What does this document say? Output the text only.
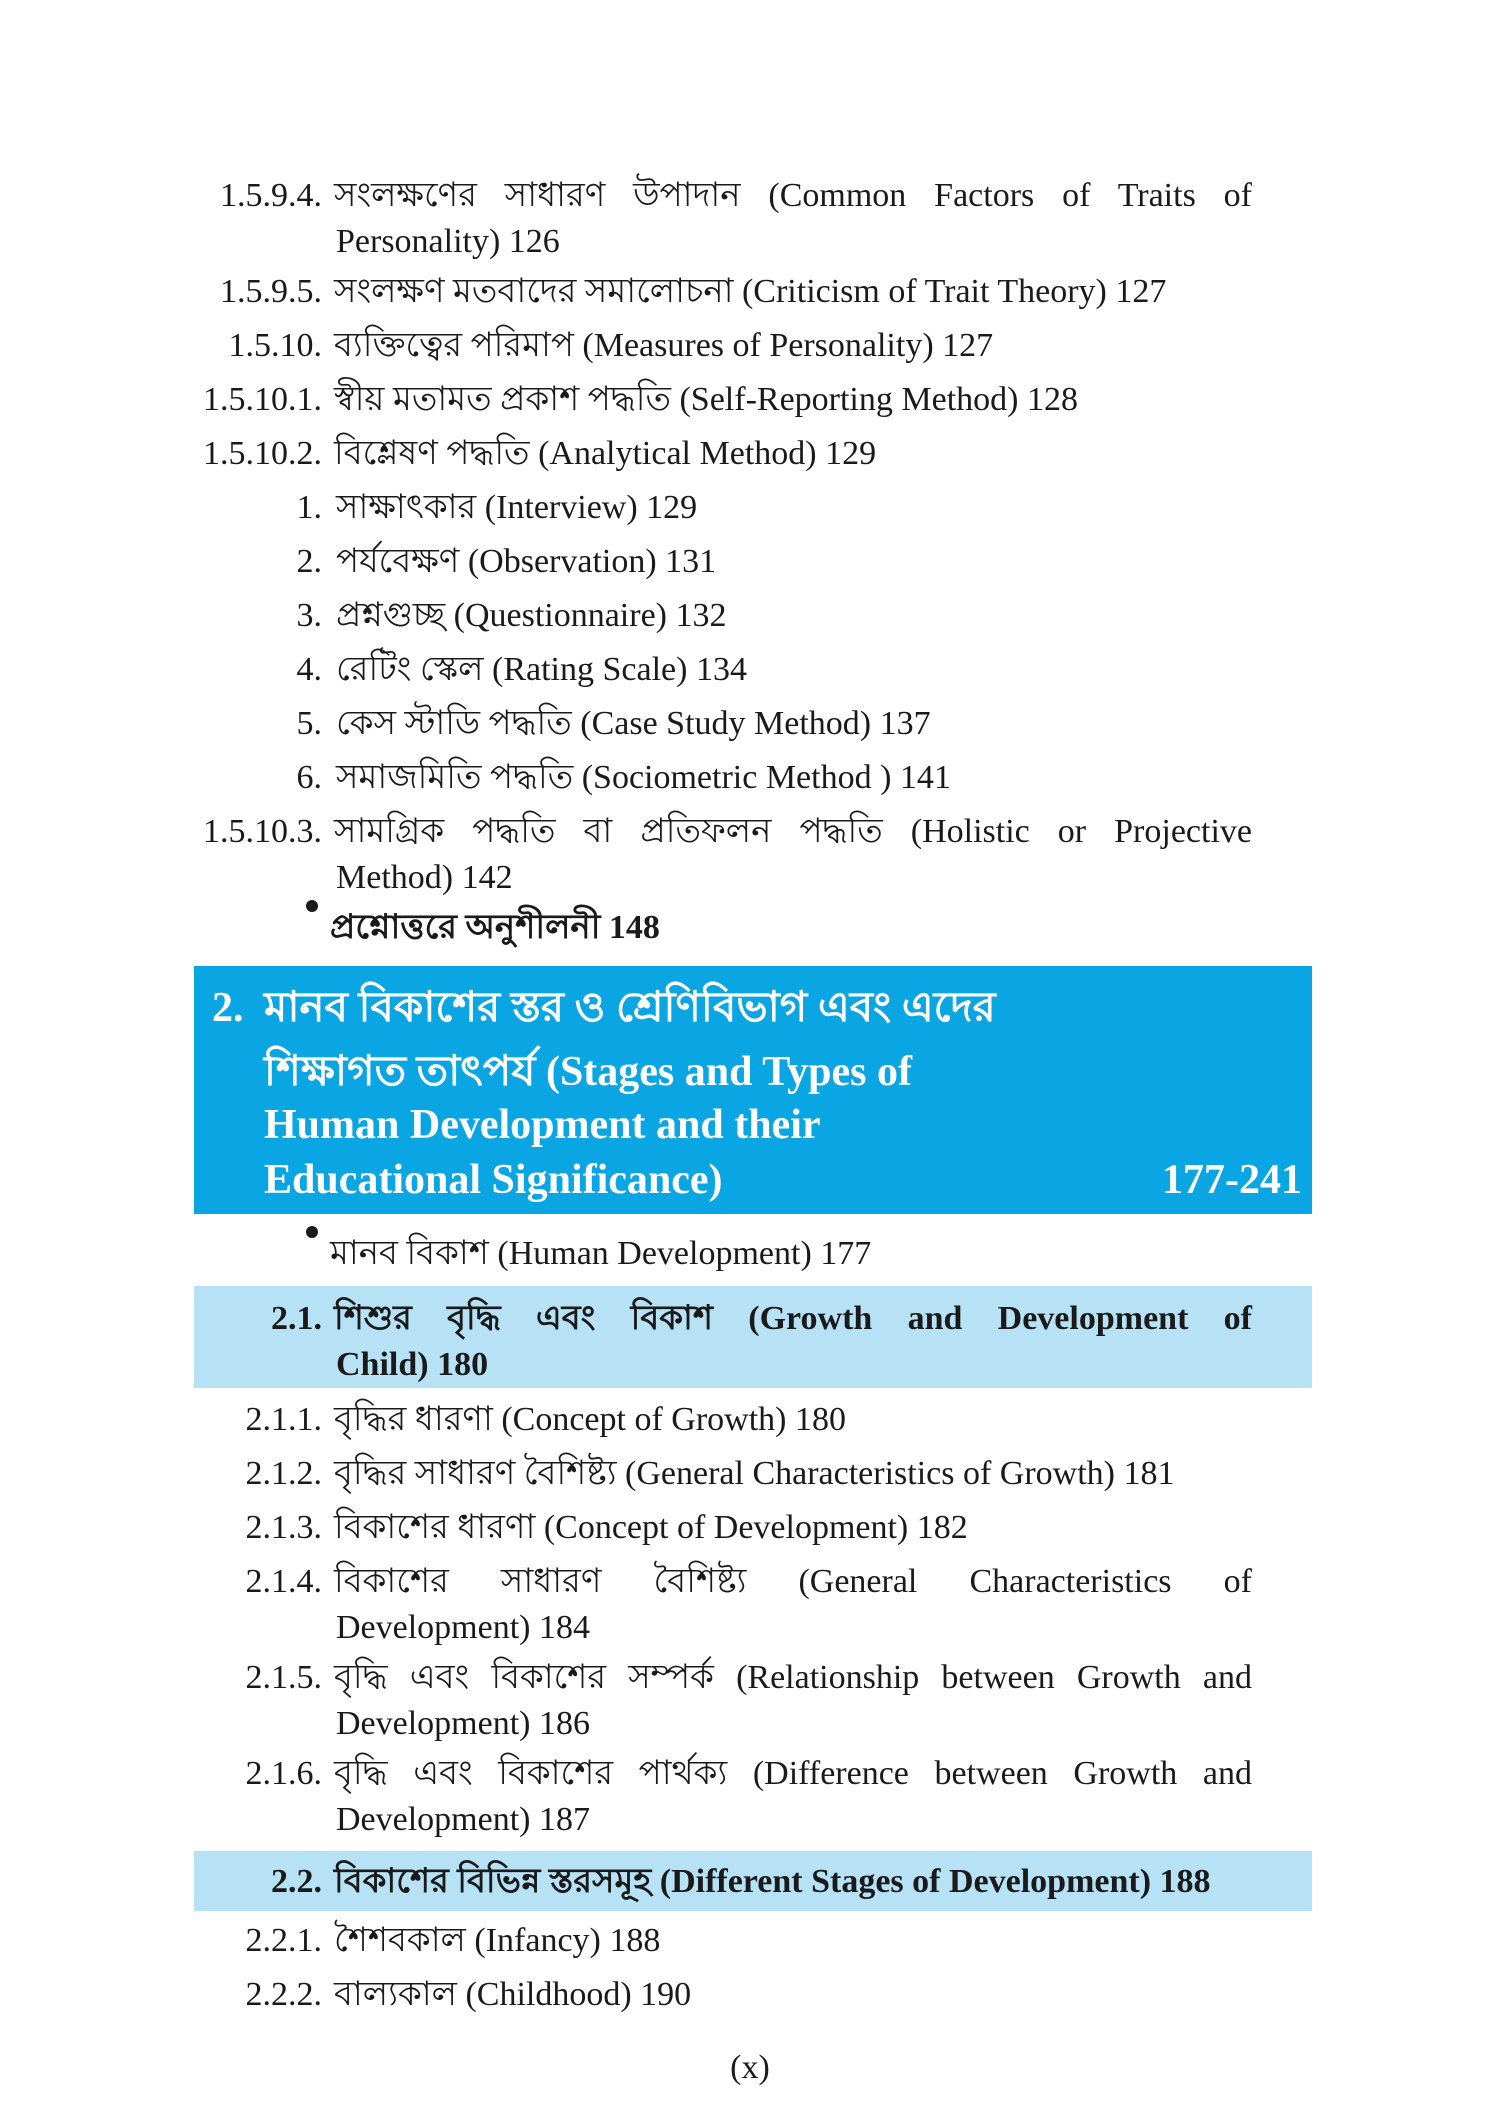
1.5.9.4. সংলক্ষণের সাধারণ উপাদান (Common Factors of Traits of
Personality) 126
1.5.9.5. সংলক্ষণ মতবাদের সমালোচনা (Criticism of Trait Theory) 127
1.5.10. ব্যক্তিত্বের পরিমাপ (Measures of Personality) 127
1.5.10.1. স্বীয় মতামত প্রকাশ পদ্ধতি (Self-Reporting Method) 128
1.5.10.2. বিশ্লেষণ পদ্ধতি (Analytical Method) 129
1. সাক্ষাৎকার (Interview) 129
2. পর্যবেক্ষণ (Observation) 131
3. প্রশ্নগুচ্ছ (Questionnaire) 132
4. রেটিং স্কেল (Rating Scale) 134
5. কেস স্টাডি পদ্ধতি (Case Study Method) 137
6. সমাজমিতি পদ্ধতি (Sociometric Method ) 141
1.5.10.3. সামগ্রিক পদ্ধতি বা প্রতিফলন পদ্ধতি (Holistic or Projective
Method) 142
প্রশ্নোত্তরে অনুশীলনী 148
2. মানব বিকাশের স্তর ও শ্রেণিবিভাগ এবং এদের
শিক্ষাগত তাৎপর্য (Stages and Types of
Human Development and their
Educational Significance)	177-241
মানব বিকাশ (Human Development) 177
2.1. শিশুর বৃদ্ধি এবং বিকাশ (Growth and Development of
Child) 180
2.1.1. বৃদ্ধির ধারণা (Concept of Growth) 180
2.1.2. বৃদ্ধির সাধারণ বৈশিষ্ট্য (General Characteristics of Growth) 181
2.1.3. বিকাশের ধারণা (Concept of Development) 182
2.1.4. বিকাশের সাধারণ বৈশিষ্ট্য (General Characteristics of
Development) 184
2.1.5. বৃদ্ধি এবং বিকাশের সম্পর্ক (Relationship between Growth and
Development) 186
2.1.6. বৃদ্ধি এবং বিকাশের পার্থক্য (Difference between Growth and
Development) 187
2.2. বিকাশের বিভিন্ন স্তরসমূহ (Different Stages of Development) 188
2.2.1. শৈশবকাল (Infancy) 188
2.2.2. বাল্যকাল (Childhood) 190
(x)
